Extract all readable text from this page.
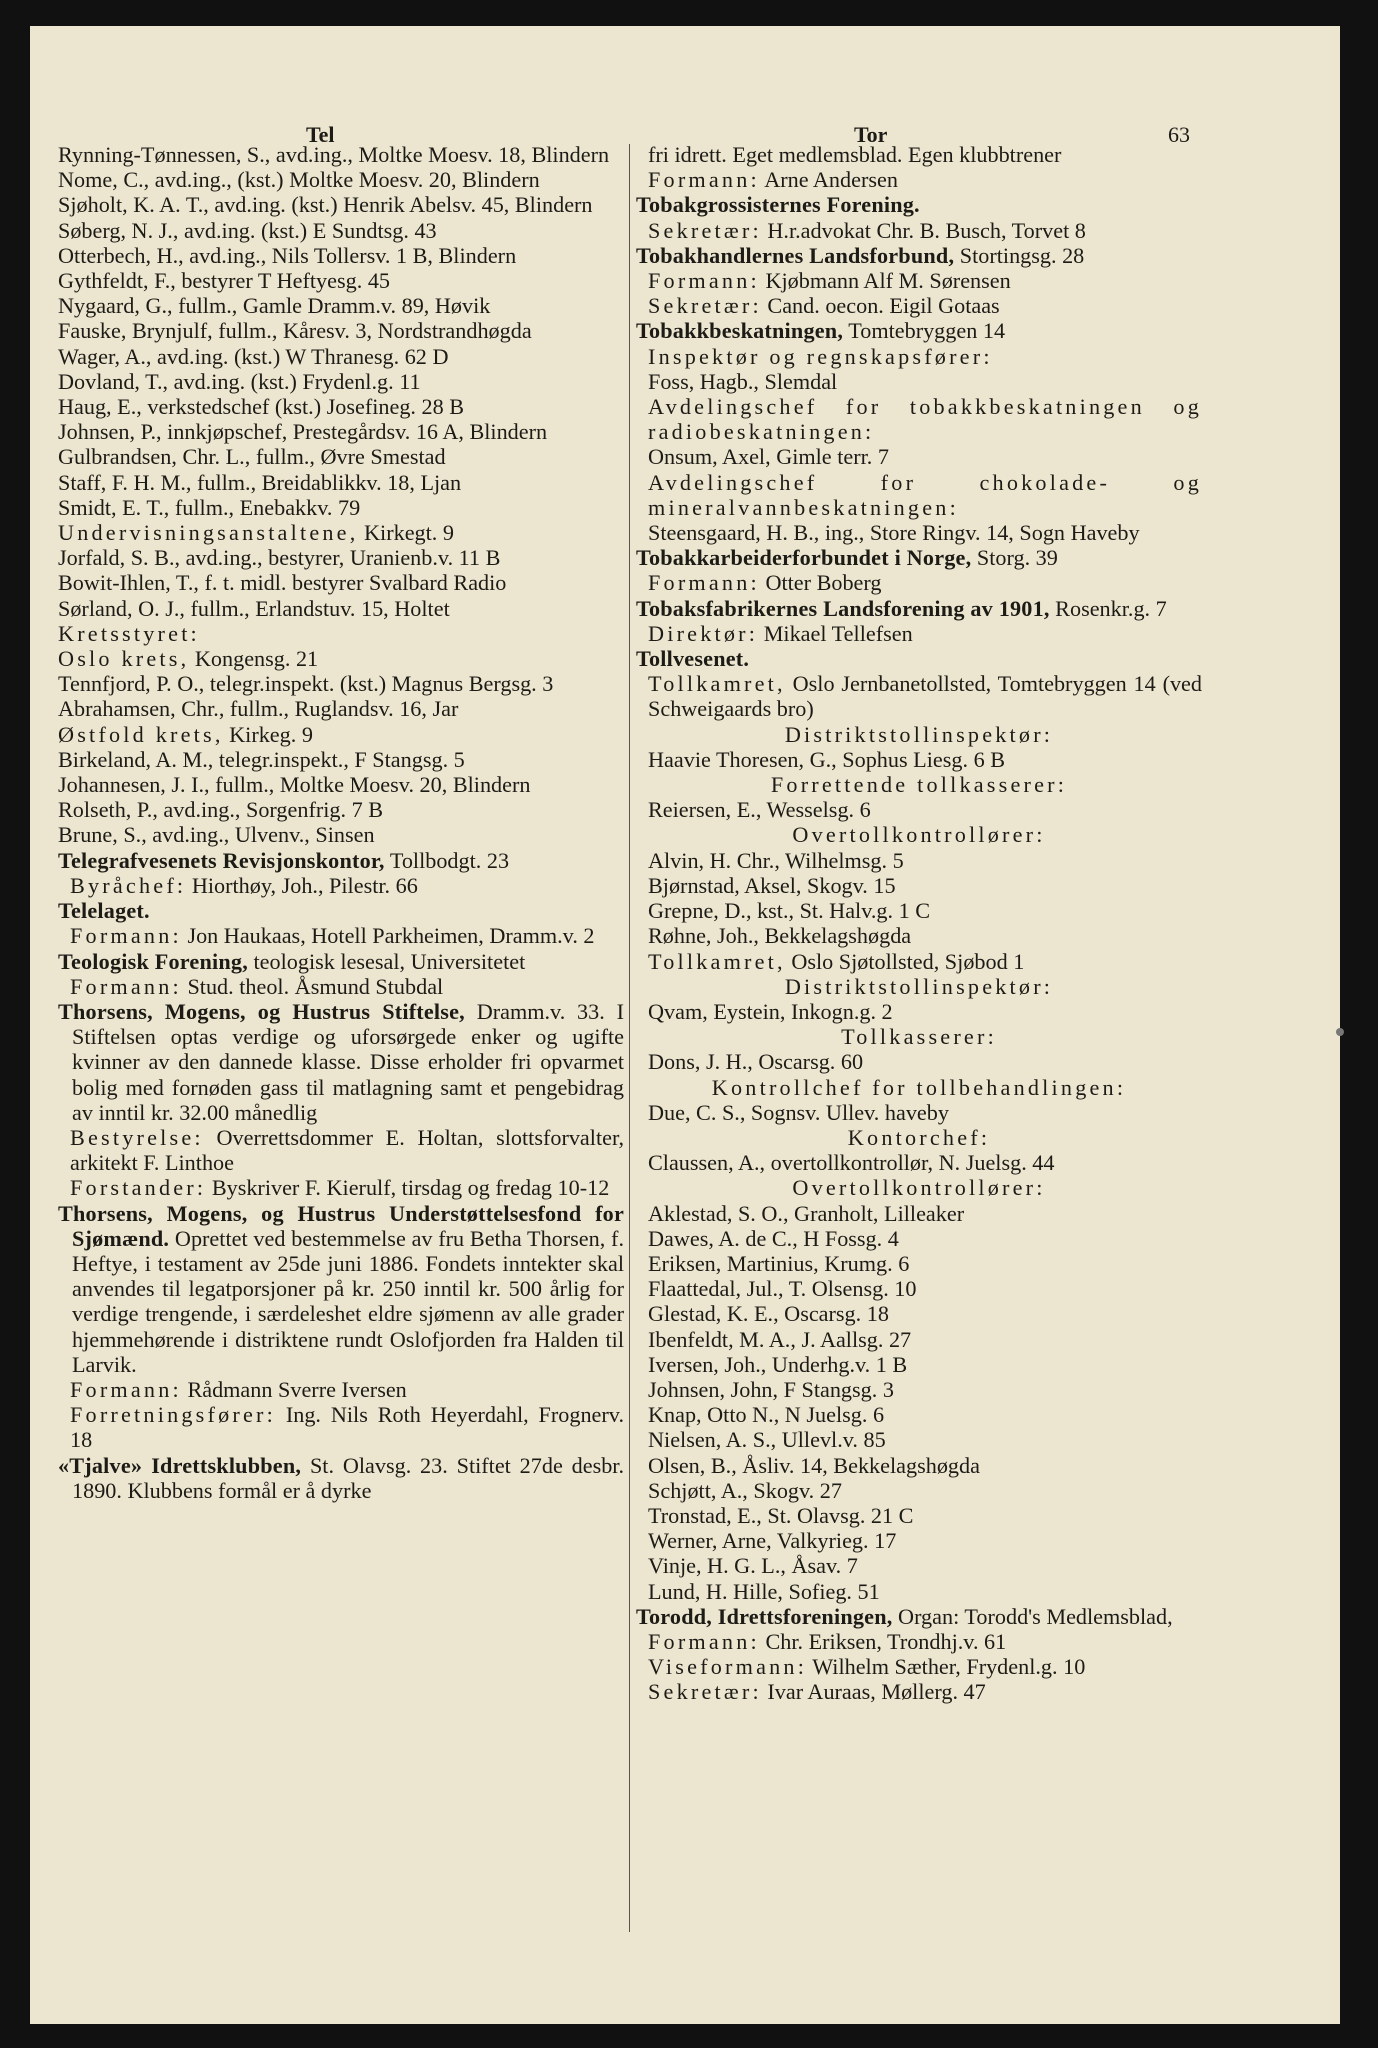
Tel	Tor	63

Rynning-Tønnessen, S., avd.ing., Moltke Moesv. 18, Blindern

Nome, C., avd.ing., (kst.) Moltke Moesv. 20, Blindern

Sjøholt, K. A. T., avd.ing. (kst.) Henrik Abelsv. 45, Blindern

Søberg, N. J., avd.ing. (kst.) E Sundtsg. 43

Otterbech, H., avd.ing., Nils Tollersv. 1 B, Blindern

Gythfeldt, F., bestyrer T Heftyesg. 45

Nygaard, G., fullm., Gamle Dramm.v. 89, Høvik

Fauske, Brynjulf, fullm., Kåresv. 3, Nordstrandhøgda

Wager, A., avd.ing. (kst.) W Thranesg. 62 D

Dovland, T., avd.ing. (kst.) Frydenl.g. 11

Haug, E., verkstedschef (kst.) Josefineg. 28 B

Johnsen, P., innkjøpschef, Prestegårdsv. 16 A, Blindern

Gulbrandsen, Chr. L., fullm., Øvre Smestad

Staff, F. H. M., fullm., Breidablikkv. 18, Ljan

Smidt, E. T., fullm., Enebakkv. 79

Undervisningsanstaltene, Kirkegt. 9

Jorfald, S. B., avd.ing., bestyrer, Uranienb.v. 11 B

Bowit-Ihlen, T., f. t. midl. bestyrer Svalbard Radio

Sørland, O. J., fullm., Erlandstuv. 15, Holtet

Kretsstyret:

Oslo krets, Kongensg. 21

Tennfjord, P. O., telegr.inspekt. (kst.) Magnus Bergsg. 3

Abrahamsen, Chr., fullm., Ruglandsv. 16, Jar

Østfold krets, Kirkeg. 9

Birkeland, A. M., telegr.inspekt., F Stangsg. 5

Johannesen, J. I., fullm., Moltke Moesv. 20, Blindern

Rolseth, P., avd.ing., Sorgenfrig. 7 B

Brune, S., avd.ing., Ulvenv., Sinsen

Telegrafvesenets Revisjonskontor, Tollbodgt. 23

Byråchef: Hiorthøy, Joh., Pilestr. 66

Telelaget.

Formann: Jon Haukaas, Hotell Parkheimen, Dramm.v. 2

Teologisk Forening, teologisk lesesal, Universitetet

Formann: Stud. theol. Åsmund Stubdal

Thorsens, Mogens, og Hustrus Stiftelse, Dramm.v. 33. I Stiftelsen optas verdige og uforsørgede enker og ugifte kvinner av den dannede klasse. Disse erholder fri opvarmet bolig med fornøden gass til matlagning samt et pengebidrag av inntil kr. 32.00 månedlig

Bestyrelse: Overrettsdommer E. Holtan, slottsforvalter, arkitekt F. Linthoe

Forstander: Byskriver F. Kierulf, tirsdag og fredag 10-12

Thorsens, Mogens, og Hustrus Understøttelsesfond for Sjømænd. Oprettet ved bestemmelse av fru Betha Thorsen, f. Heftye, i testament av 25de juni 1886. Fondets inntekter skal anvendes til legatporsjoner på kr. 250 inntil kr. 500 årlig for verdige trengende, i særdeleshet eldre sjømenn av alle grader hjemmehørende i distriktene rundt Oslofjorden fra Halden til Larvik.

Formann: Rådmann Sverre Iversen

Forretningsfører: Ing. Nils Roth Heyerdahl, Frognerv. 18

«Tjalve» Idrettsklubben, St. Olavsg. 23. Stiftet 27de desbr. 1890. Klubbens formål er å dyrke

fri idrett. Eget medlemsblad. Egen klubbtrener

Formann: Arne Andersen

Tobakgrossisternes Forening.

Sekretær: H.r.advokat Chr. B. Busch, Torvet 8

Tobakhandlernes Landsforbund, Stortingsg. 28

Formann: Kjøbmann Alf M. Sørensen

Sekretær: Cand. oecon. Eigil Gotaas

Tobakkbeskatningen, Tomtebryggen 14

Inspektør og regnskapsfører:

Foss, Hagb., Slemdal

Avdelingschef for tobakkbeskatningen og radiobeskatningen:

Onsum, Axel, Gimle terr. 7

Avdelingschef for chokolade- og mineralvannbeskatningen:

Steensgaard, H. B., ing., Store Ringv. 14, Sogn Haveby

Tobakkarbeiderforbundet i Norge, Storg. 39

Formann: Otter Boberg

Tobaksfabrikernes Landsforening av 1901, Rosenkr.g. 7

Direktør: Mikael Tellefsen

Tollvesenet.

Tollkamret, Oslo Jernbanetollsted, Tomtebryggen 14 (ved Schweigaards bro)

Distriktstollinspektør:

Haavie Thoresen, G., Sophus Liesg. 6 B

Forrettende tollkasserer:

Reiersen, E., Wesselsg. 6

Overtollkontrollører:

Alvin, H. Chr., Wilhelmsg. 5

Bjørnstad, Aksel, Skogv. 15

Grepne, D., kst., St. Halv.g. 1 C

Røhne, Joh., Bekkelagshøgda

Tollkamret, Oslo Sjøtollsted, Sjøbod 1

Distriktstollinspektør:

Qvam, Eystein, Inkogn.g. 2

Tollkasserer:

Dons, J. H., Oscarsg. 60

Kontrollchef for tollbehandlingen:

Due, C. S., Sognsv. Ullev. haveby

Kontorchef:

Claussen, A., overtollkontrollør, N. Juelsg. 44

Overtollkontrollører:

Aklestad, S. O., Granholt, Lilleaker

Dawes, A. de C., H Fossg. 4

Eriksen, Martinius, Krumg. 6

Flaattedal, Jul., T. Olsensg. 10

Glestad, K. E., Oscarsg. 18

Ibenfeldt, M. A., J. Aallsg. 27

Iversen, Joh., Underhg.v. 1 B

Johnsen, John, F Stangsg. 3

Knap, Otto N., N Juelsg. 6

Nielsen, A. S., Ullevl.v. 85

Olsen, B., Åsliv. 14, Bekkelagshøgda

Schjøtt, A., Skogv. 27

Tronstad, E., St. Olavsg. 21 C

Werner, Arne, Valkyrieg. 17

Vinje, H. G. L., Åsav. 7

Lund, H. Hille, Sofieg. 51

Torodd, Idrettsforeningen, Organ: Torodd's Medlemsblad,

Formann: Chr. Eriksen, Trondhj.v. 61

Viseformann: Wilhelm Sæther, Frydenl.g. 10

Sekretær: Ivar Auraas, Møllerg. 47
